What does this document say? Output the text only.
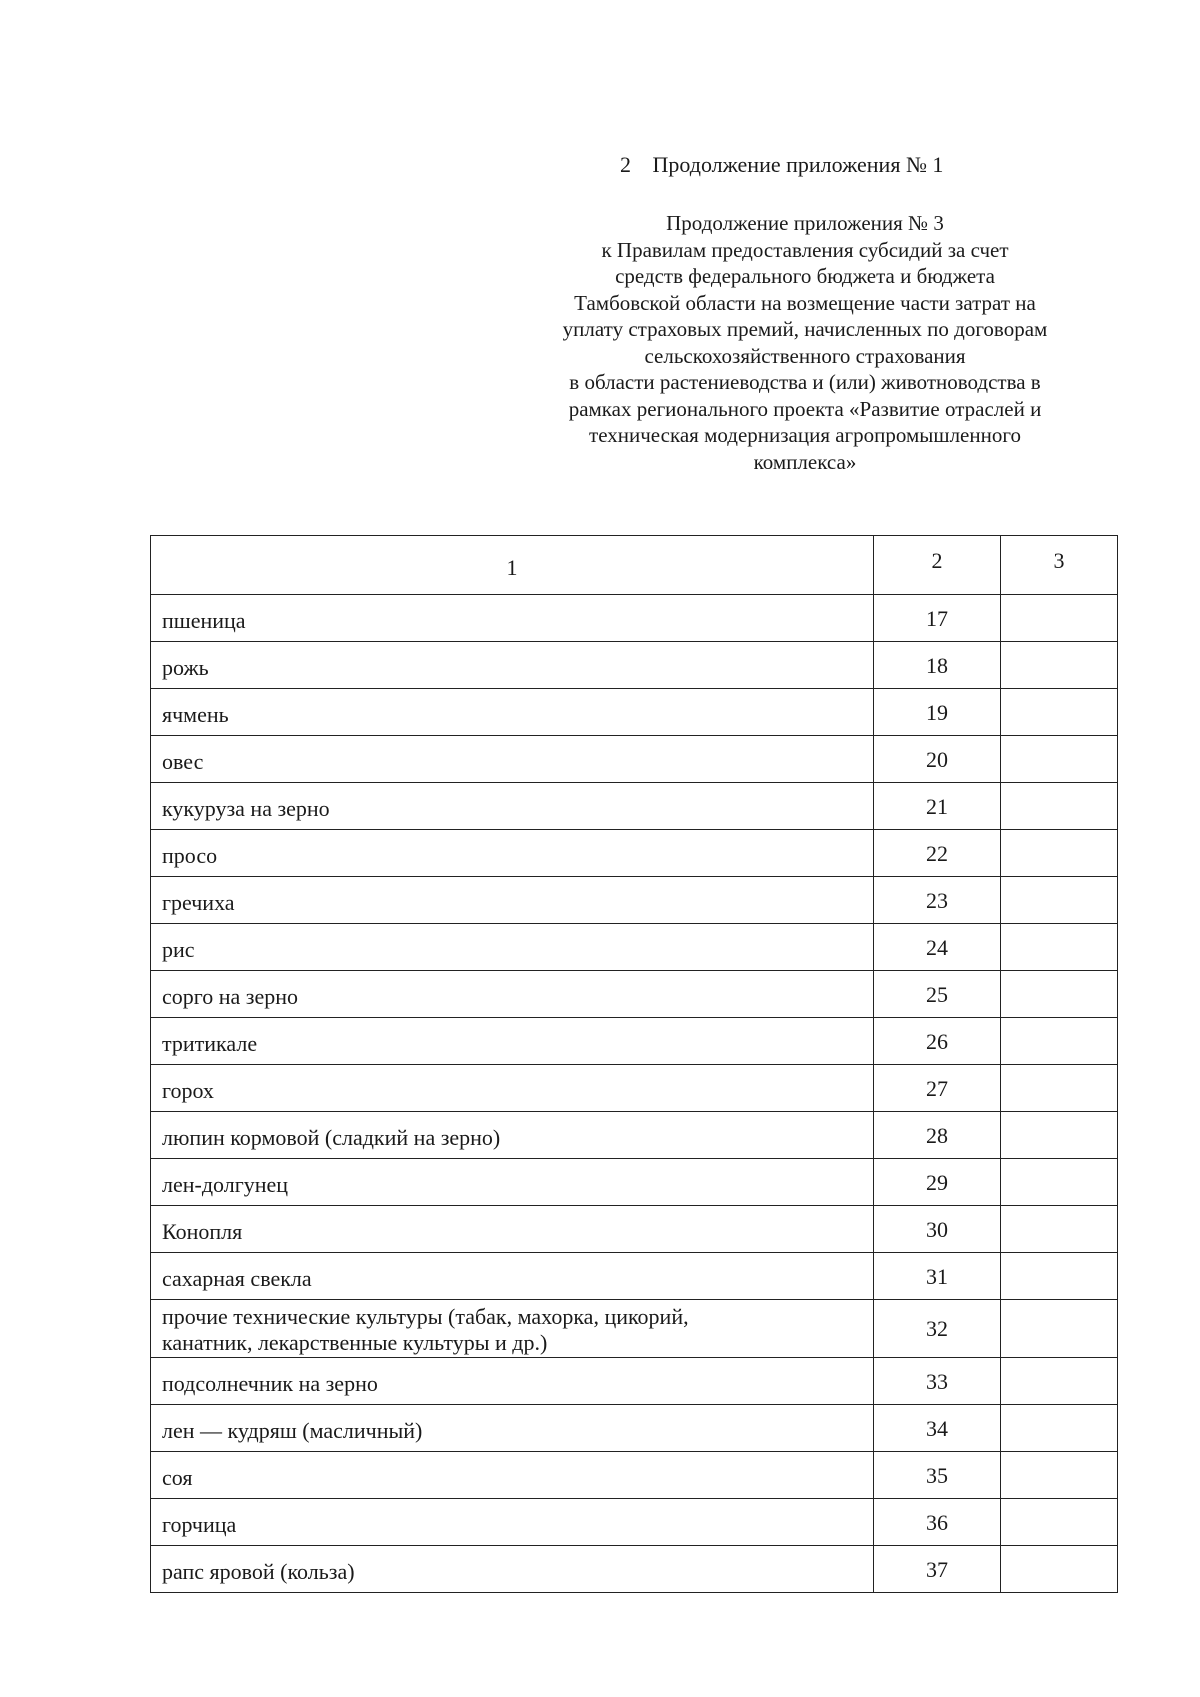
2 Продолжение приложения № 1
Продолжение приложения № 3
к Правилам предоставления субсидий за счет
средств федерального бюджета и бюджета
Тамбовской области на возмещение части затрат на
уплату страховых премий, начисленных по договорам
сельскохозяйственного страхования
в области растениеводства и (или) животноводства в
рамках регионального проекта «Развитие отраслей и
техническая модернизация агропромышленного
комплекса»
1	2	3
пшеница	17	
рожь	18	
ячмень	19	
овес	20	
кукуруза на зерно	21	
просо	22	
гречиха	23	
рис	24	
сорго на зерно	25	
тритикале	26	
горох	27	
люпин кормовой (сладкий на зерно)	28	
лен-долгунец	29	
Конопля	30	
сахарная свекла	31	

прочие технические культуры (табак, махорка, цикорий,
канатник, лекарственные культуры и др.)	32	
подсолнечник на зерно	33	
лен — кудряш (масличный)	34	
соя	35	
горчица	36	
рапс яровой (кольза)	37	
